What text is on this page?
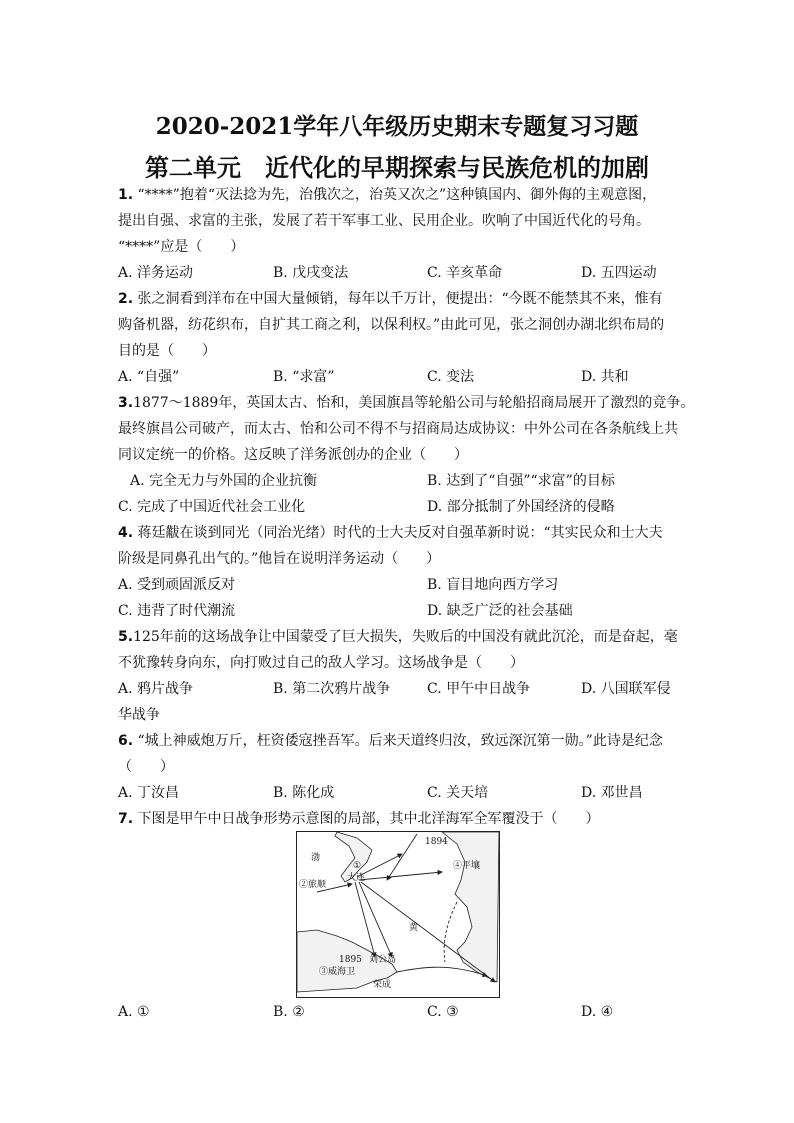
2020-2021学年八年级历史期末专题复习习题
第二单元　近代化的早期探索与民族危机的加剧
1. “****”抱着“灭法捻为先，治俄次之，治英又次之”这种镇国内、御外侮的主观意图，
提出自强、求富的主张，发展了若干军事工业、民用企业。吹响了中国近代化的号角。
“****”应是（　　）
A. 洋务运动	B. 戊戌变法	C. 辛亥革命	D. 五四运动
2. 张之洞看到洋布在中国大量倾销，每年以千万计，便提出：“今既不能禁其不来，惟有
购备机器，纺花织布，自扩其工商之利，以保利权。”由此可见，张之洞创办湖北织布局的
目的是（　　）
A. “自强”	B. “求富”	C. 变法	D. 共和
3.1877～1889年，英国太古、怡和，美国旗昌等轮船公司与轮船招商局展开了激烈的竞争。
最终旗昌公司破产，而太古、怡和公司不得不与招商局达成协议：中外公司在各条航线上共
同议定统一的价格。这反映了洋务派创办的企业（　　）
A. 完全无力与外国的企业抗衡	B. 达到了“自强”“求富”的目标
C. 完成了中国近代社会工业化	D. 部分抵制了外国经济的侵略
4. 蒋廷黻在谈到同光（同治光绪）时代的士大夫反对自强革新时说：“其实民众和士大夫
阶级是同鼻孔出气的。”他旨在说明洋务运动（　　）
A. 受到顽固派反对	B. 盲目地向西方学习
C. 违背了时代潮流	D. 缺乏广泛的社会基础
5.125年前的这场战争让中国蒙受了巨大损失，失败后的中国没有就此沉沦，而是奋起，毫
不犹豫转身向东，向打败过自己的敌人学习。这场战争是（　　）
A. 鸦片战争	B. 第二次鸦片战争	C. 甲午中日战争	D. 八国联军侵
华战争
6. “城上神威炮万斤，枉资倭寇挫吾军。后来天道终归汝，致远深沉第一勋。”此诗是纪念
（　　）
A. 丁汝昌	B. 陈化成	C. 关天培	D. 邓世昌
7. 下图是甲午中日战争形势示意图的局部，其中北洋海军全军覆没于（　　）
渤
黄
1894
1895
④平壤
②旅顺
大连
③威海卫
刘公岛
荣成
①
A. ①	B. ②	C. ③	D. ④
